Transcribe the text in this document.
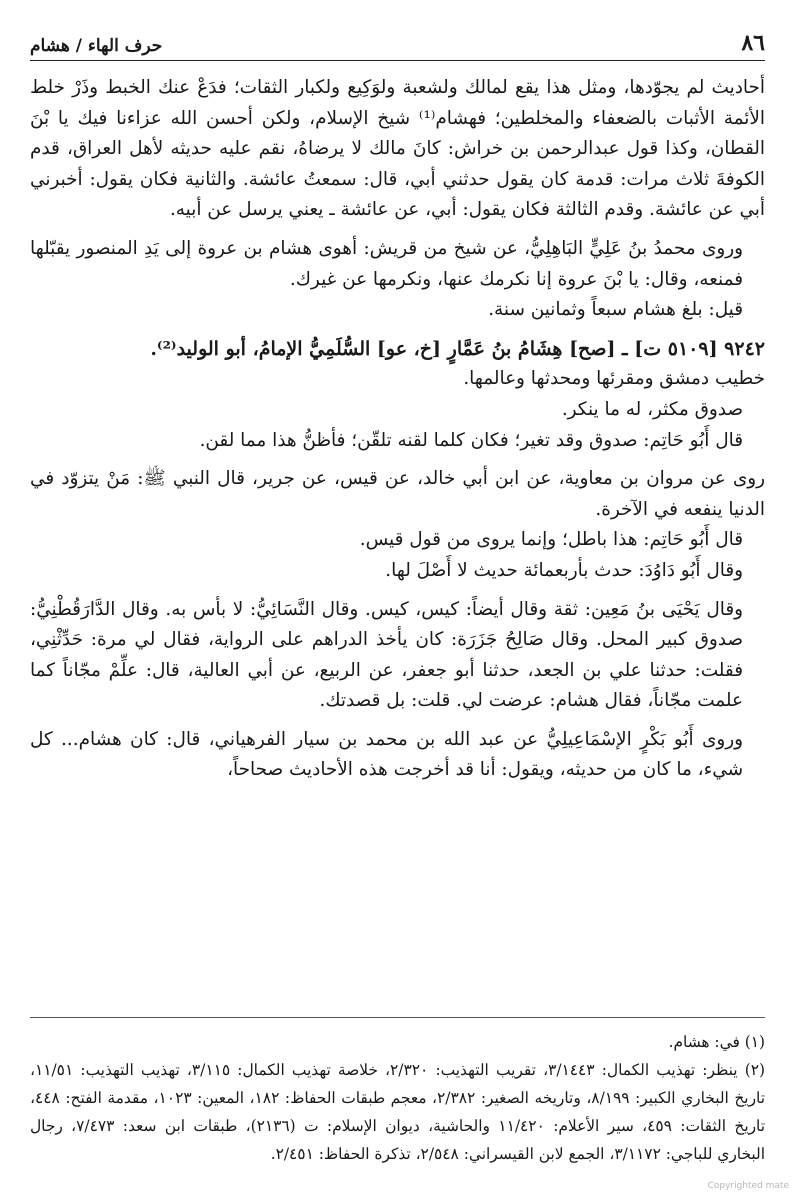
٨٦
حرف الهاء / هشام

أحاديث لم يجوّدها، ومثل هذا يقع لمالك ولشعبة ولوَكِيع ولكبار الثقات؛ فدَعْ عنك الخبط وذَرْ خلط الأئمة الأثبات بالضعفاء والمخلطين؛ فهشام⁽¹⁾ شيخ الإسلام، ولكن أحسن الله عزاءنا فيك يا بْنَ القطان، وكذا قول عبدالرحمن بن خراش: كانَ مالك لا يرضاهُ، نقم عليه حديثه لأهل العراق، قدم الكوفةَ ثلاث مرات: قدمة كان يقول حدثني أبي، قال: سمعتُ عائشة. والثانية فكان يقول: أخبرني أبي عن عائشة. وقدم الثالثة فكان يقول: أبي، عن عائشة ـ يعني يرسل عن أبيه.

وروى محمدُ بنُ عَلِيٍّ البَاهِلِيُّ، عن شيخ من قريش: أهوى هشام بن عروة إلى يَدِ المنصور يقبّلها فمنعه، وقال: يا بْنَ عروة إنا نكرمك عنها، ونكرمها عن غيرك.

قيل: بلغ هشام سبعاً وثمانين سنة.

٩٢٤٢ [٥١٠٩ ت] ـ [صح] هِشَامُ بنُ عَمَّارٍ [خ، عو] السُّلَمِيُّ الإمامُ، أبو الوليد⁽²⁾.

خطيب دمشق ومقرئها ومحدثها وعالمها.

صدوق مكثر، له ما ينكر.

قال أَبُو حَاتِم: صدوق وقد تغير؛ فكان كلما لقنه تلقّن؛ فأظنُّ هذا مما لقن.

روى عن مروان بن معاوية، عن ابن أبي خالد، عن قيس، عن جرير، قال النبي ﷺ: مَنْ يتزوّد في الدنيا ينفعه في الآخرة.

قال أَبُو حَاتِم: هذا باطل؛ وإنما يروى من قول قيس.

وقال أَبُو دَاوُدَ: حدث بأربعمائة حديث لا أَصْلَ لها.

وقال يَحْيَى بنُ مَعِين: ثقة وقال أيضاً: كيس، كيس. وقال النَّسَائِيُّ: لا بأس به. وقال الدَّارَقُطْنِيُّ: صدوق كبير المحل. وقال صَالِحُ جَزَرَة: كان يأخذ الدراهم على الرواية، فقال لي مرة: حَدِّثْنِي، فقلت: حدثنا علي بن الجعد، حدثنا أبو جعفر، عن الربيع، عن أبي العالية، قال: علِّمْ مجّاناً كما علمت مجّاناً، فقال هشام: عرضت لي. قلت: بل قصدتك.

وروى أَبُو بَكْرٍ الإسْمَاعِيلِيُّ عن عبد الله بن محمد بن سيار الفرهياني، قال: كان هشام... كل شيء، ما كان من حديثه، ويقول: أنا قد أخرجت هذه الأحاديث صحاحاً،

(١) في: هشام.

(٢) ينظر: تهذيب الكمال: ٣/١٤٤٣، تقريب التهذيب: ٢/٣٢٠، خلاصة تهذيب الكمال: ٣/١١٥، تهذيب التهذيب: ١١/٥١، تاريخ البخاري الكبير: ٨/١٩٩، وتاريخه الصغير: ٢/٣٨٢، معجم طبقات الحفاظ: ١٨٢، المعين: ١٠٢٣، مقدمة الفتح: ٤٤٨، تاريخ الثقات: ٤٥٩، سير الأعلام: ١١/٤٢٠ والحاشية، ديوان الإسلام: ت (٢١٣٦)، طبقات ابن سعد: ٧/٤٧٣، رجال البخاري للباجي: ٣/١١٧٢، الجمع لابن القيسراني: ٢/٥٤٨، تذكرة الحفاظ: ٢/٤٥١.

Copyrighted mate
